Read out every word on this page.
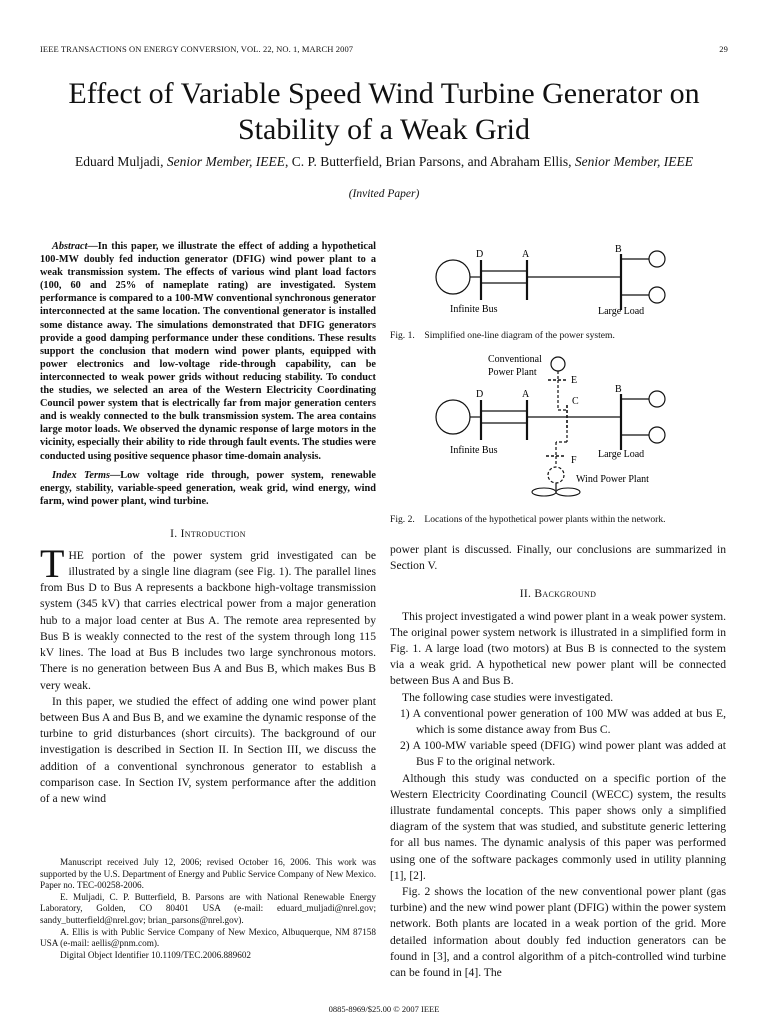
IEEE TRANSACTIONS ON ENERGY CONVERSION, VOL. 22, NO. 1, MARCH 2007	29
Effect of Variable Speed Wind Turbine Generator on Stability of a Weak Grid
Eduard Muljadi, Senior Member, IEEE, C. P. Butterfield, Brian Parsons, and Abraham Ellis, Senior Member, IEEE
(Invited Paper)
Abstract—In this paper, we illustrate the effect of adding a hypothetical 100-MW doubly fed induction generator (DFIG) wind power plant to a weak transmission system. The effects of various wind plant load factors (100, 60 and 25% of nameplate rating) are investigated. System performance is compared to a 100-MW conventional synchronous generator interconnected at the same location. The conventional generator is installed some distance away. The simulations demonstrated that DFIG generators provide a good damping performance under these conditions. These results support the conclusion that modern wind power plants, equipped with power electronics and low-voltage ride-through capability, can be interconnected to weak power grids without reducing stability. To conduct the studies, we selected an area of the Western Electricity Coordinating Council power system that is electrically far from major generation centers and is weakly connected to the bulk transmission system. The area contains large motor loads. We observed the dynamic response of large motors in the vicinity, especially their ability to ride through fault events. The studies were conducted using positive sequence phasor time-domain analysis.
Index Terms—Low voltage ride through, power system, renewable energy, stability, variable-speed generation, weak grid, wind energy, wind farm, wind power plant, wind turbine.
I. Introduction

THE portion of the power system grid investigated can be illustrated by a single line diagram (see Fig. 1). The parallel lines from Bus D to Bus A represents a backbone high-voltage transmission system (345 kV) that carries electrical power from a major generation hub to a major load center at Bus A. The remote area represented by Bus B is weakly connected to the rest of the system through long 115 kV lines. The load at Bus B includes two large synchronous motors. There is no generation between Bus A and Bus B, which makes Bus B very weak.

In this paper, we studied the effect of adding one wind power plant between Bus A and Bus B, and we examine the dynamic response of the turbine to grid disturbances (short circuits). The background of our investigation is described in Section II. In Section III, we discuss the addition of a conventional synchronous generator to establish a comparison case. In Section IV, system performance after the addition of a new wind

Manuscript received July 12, 2006; revised October 16, 2006. This work was supported by the U.S. Department of Energy and Public Service Company of New Mexico. Paper no. TEC-00258-2006.
E. Muljadi, C. P. Butterfield, B. Parsons are with National Renewable Energy Laboratory, Golden, CO 80401 USA (e-mail: eduard_muljadi@nrel.gov; sandy_butterfield@nrel.gov; brian_parsons@nrel.gov).
A. Ellis is with Public Service Company of New Mexico, Albuquerque, NM 87158 USA (e-mail: aellis@pnm.com).
Digital Object Identifier 10.1109/TEC.2006.889602
D	A	B
Infinite Bus	Large Load
Fig. 1. Simplified one-line diagram of the power system.
Conventional
Power Plant
E
D	A
C
B
Infinite Bus	Large Load
F
Wind Power Plant
Fig. 2. Locations of the hypothetical power plants within the network.

power plant is discussed. Finally, our conclusions are summarized in Section V.

II. Background

This project investigated a wind power plant in a weak power system. The original power system network is illustrated in a simplified form in Fig. 1. A large load (two motors) at Bus B is connected to the system via a weak grid. A hypothetical new power plant will be connected between Bus A and Bus B.

The following case studies were investigated.

1) A conventional power generation of 100 MW was added at bus E, which is some distance away from Bus C.

2) A 100-MW variable speed (DFIG) wind power plant was added at Bus F to the original network.

Although this study was conducted on a specific portion of the Western Electricity Coordinating Council (WECC) system, the results illustrate fundamental concepts. This paper shows only a simplified diagram of the system that was studied, and substitute generic lettering for all bus names. The dynamic analysis of this paper was performed using one of the software packages commonly used in utility planning [1], [2].

Fig. 2 shows the location of the new conventional power plant (gas turbine) and the new wind power plant (DFIG) within the power system network. Both plants are located in a weak portion of the grid. More detailed information about doubly fed induction generators can be found in [3], and a control algorithm of a pitch-controlled wind turbine can be found in [4]. The

0885-8969/$25.00 © 2007 IEEE
